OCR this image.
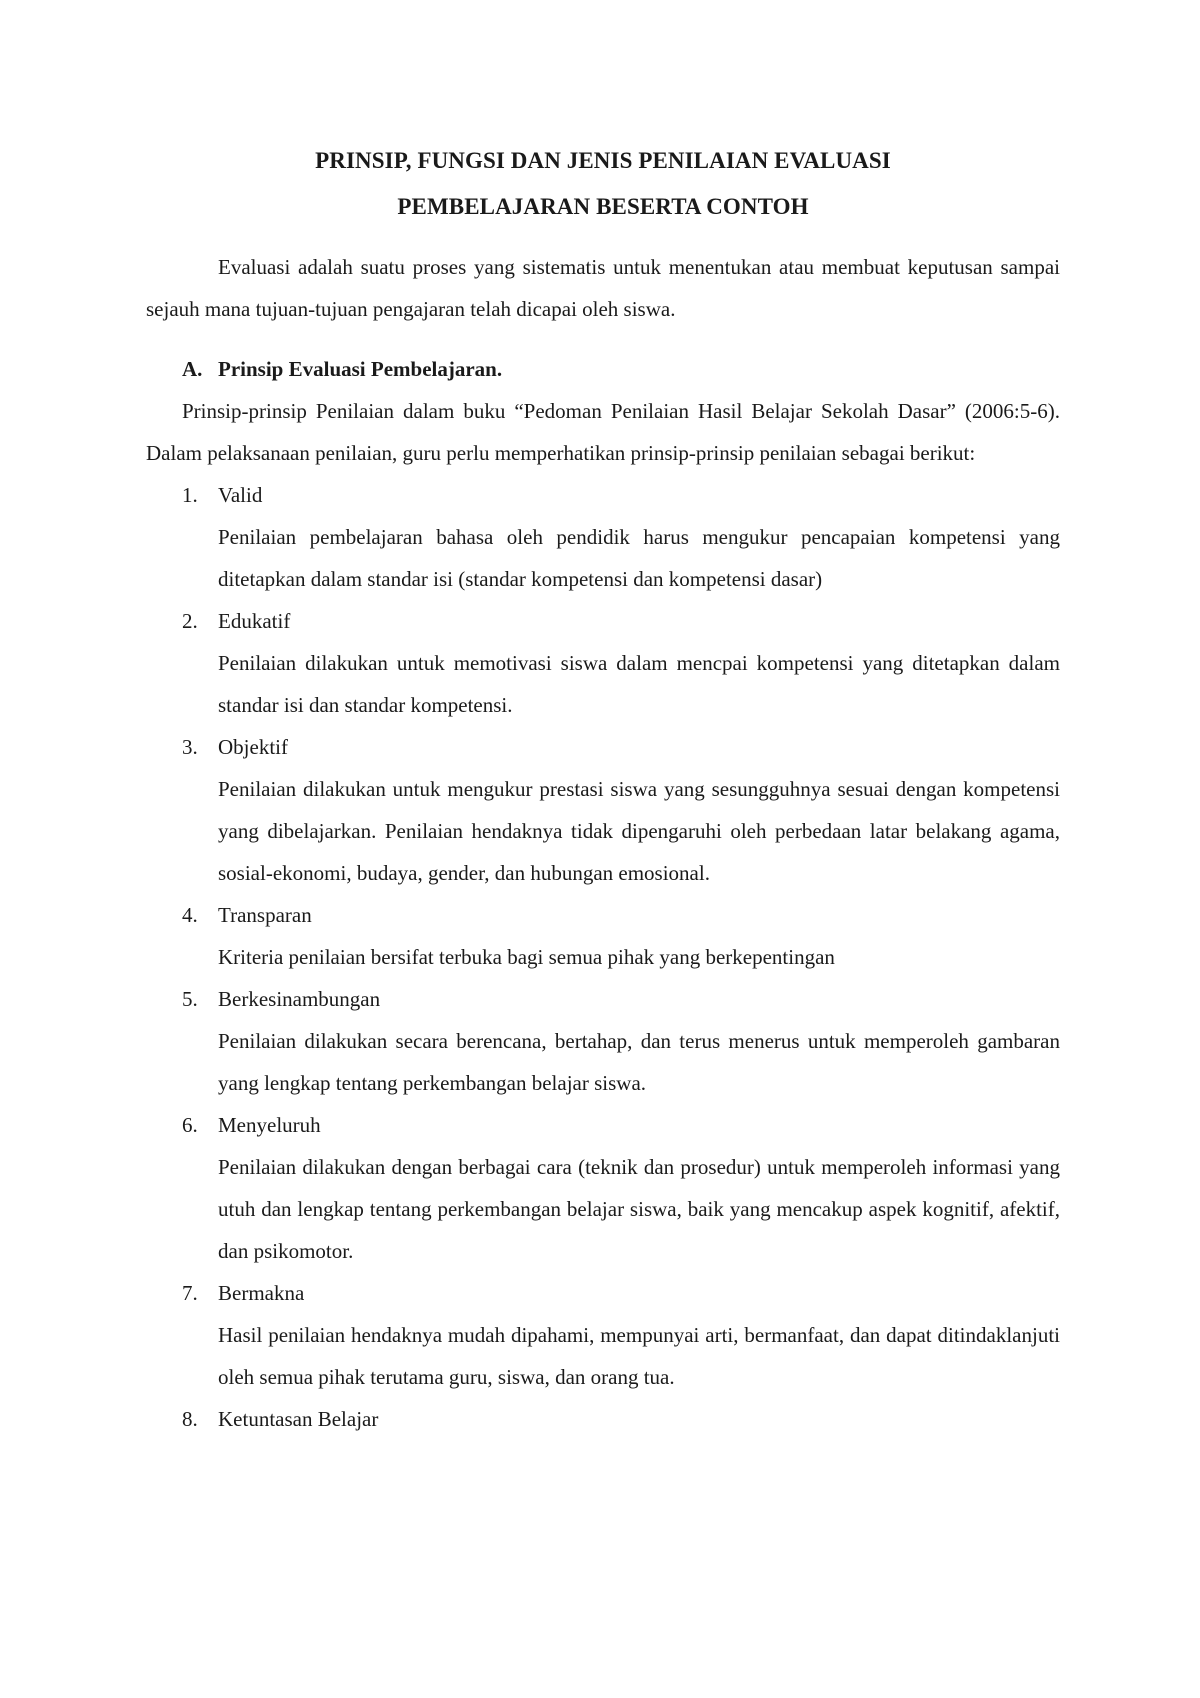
PRINSIP, FUNGSI DAN JENIS PENILAIAN EVALUASI
PEMBELAJARAN BESERTA CONTOH

Evaluasi adalah suatu proses yang sistematis untuk menentukan atau membuat keputusan sampai sejauh mana tujuan-tujuan pengajaran telah dicapai oleh siswa.

A. Prinsip Evaluasi Pembelajaran.

Prinsip-prinsip Penilaian dalam buku “Pedoman Penilaian Hasil Belajar Sekolah Dasar” (2006:5-6). Dalam pelaksanaan penilaian, guru perlu memperhatikan prinsip-prinsip penilaian sebagai berikut:

1. Valid
Penilaian pembelajaran bahasa oleh pendidik harus mengukur pencapaian kompetensi yang ditetapkan dalam standar isi (standar kompetensi dan kompetensi dasar)
2. Edukatif
Penilaian dilakukan untuk memotivasi siswa dalam mencpai kompetensi yang ditetapkan dalam standar isi dan standar kompetensi.
3. Objektif
Penilaian dilakukan untuk mengukur prestasi siswa yang sesungguhnya sesuai dengan kompetensi yang dibelajarkan. Penilaian hendaknya tidak dipengaruhi oleh perbedaan latar belakang agama, sosial-ekonomi, budaya, gender, dan hubungan emosional.
4. Transparan
Kriteria penilaian bersifat terbuka bagi semua pihak yang berkepentingan
5. Berkesinambungan
Penilaian dilakukan secara berencana, bertahap, dan terus menerus untuk memperoleh gambaran yang lengkap tentang perkembangan belajar siswa.
6. Menyeluruh
Penilaian dilakukan dengan berbagai cara (teknik dan prosedur) untuk memperoleh informasi yang utuh dan lengkap tentang perkembangan belajar siswa, baik yang mencakup aspek kognitif, afektif, dan psikomotor.
7. Bermakna
Hasil penilaian hendaknya mudah dipahami, mempunyai arti, bermanfaat, dan dapat ditindaklanjuti oleh semua pihak terutama guru, siswa, dan orang tua.
8. Ketuntasan Belajar
